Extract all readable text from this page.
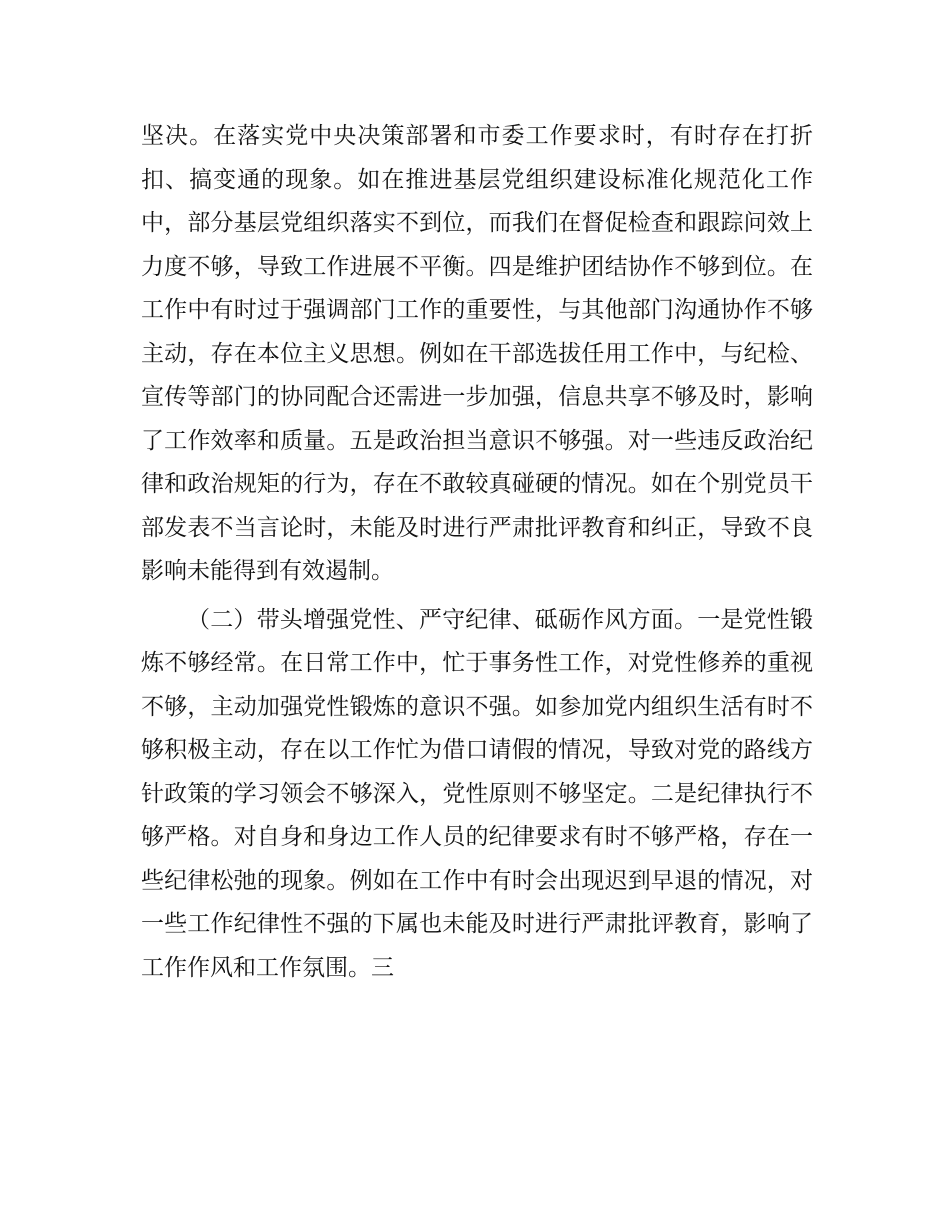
坚决。在落实党中央决策部署和市委工作要求时，有时存在打折扣、搞变通的现象。如在推进基层党组织建设标准化规范化工作中，部分基层党组织落实不到位，而我们在督促检查和跟踪问效上力度不够，导致工作进展不平衡。四是维护团结协作不够到位。在工作中有时过于强调部门工作的重要性，与其他部门沟通协作不够主动，存在本位主义思想。例如在干部选拔任用工作中，与纪检、宣传等部门的协同配合还需进一步加强，信息共享不够及时，影响了工作效率和质量。五是政治担当意识不够强。对一些违反政治纪律和政治规矩的行为，存在不敢较真碰硬的情况。如在个别党员干部发表不当言论时，未能及时进行严肃批评教育和纠正，导致不良影响未能得到有效遏制。

（二）带头增强党性、严守纪律、砥砺作风方面。一是党性锻炼不够经常。在日常工作中，忙于事务性工作，对党性修养的重视不够，主动加强党性锻炼的意识不强。如参加党内组织生活有时不够积极主动，存在以工作忙为借口请假的情况，导致对党的路线方针政策的学习领会不够深入，党性原则不够坚定。二是纪律执行不够严格。对自身和身边工作人员的纪律要求有时不够严格，存在一些纪律松弛的现象。例如在工作中有时会出现迟到早退的情况，对一些工作纪律性不强的下属也未能及时进行严肃批评教育，影响了工作作风和工作氛围。三
